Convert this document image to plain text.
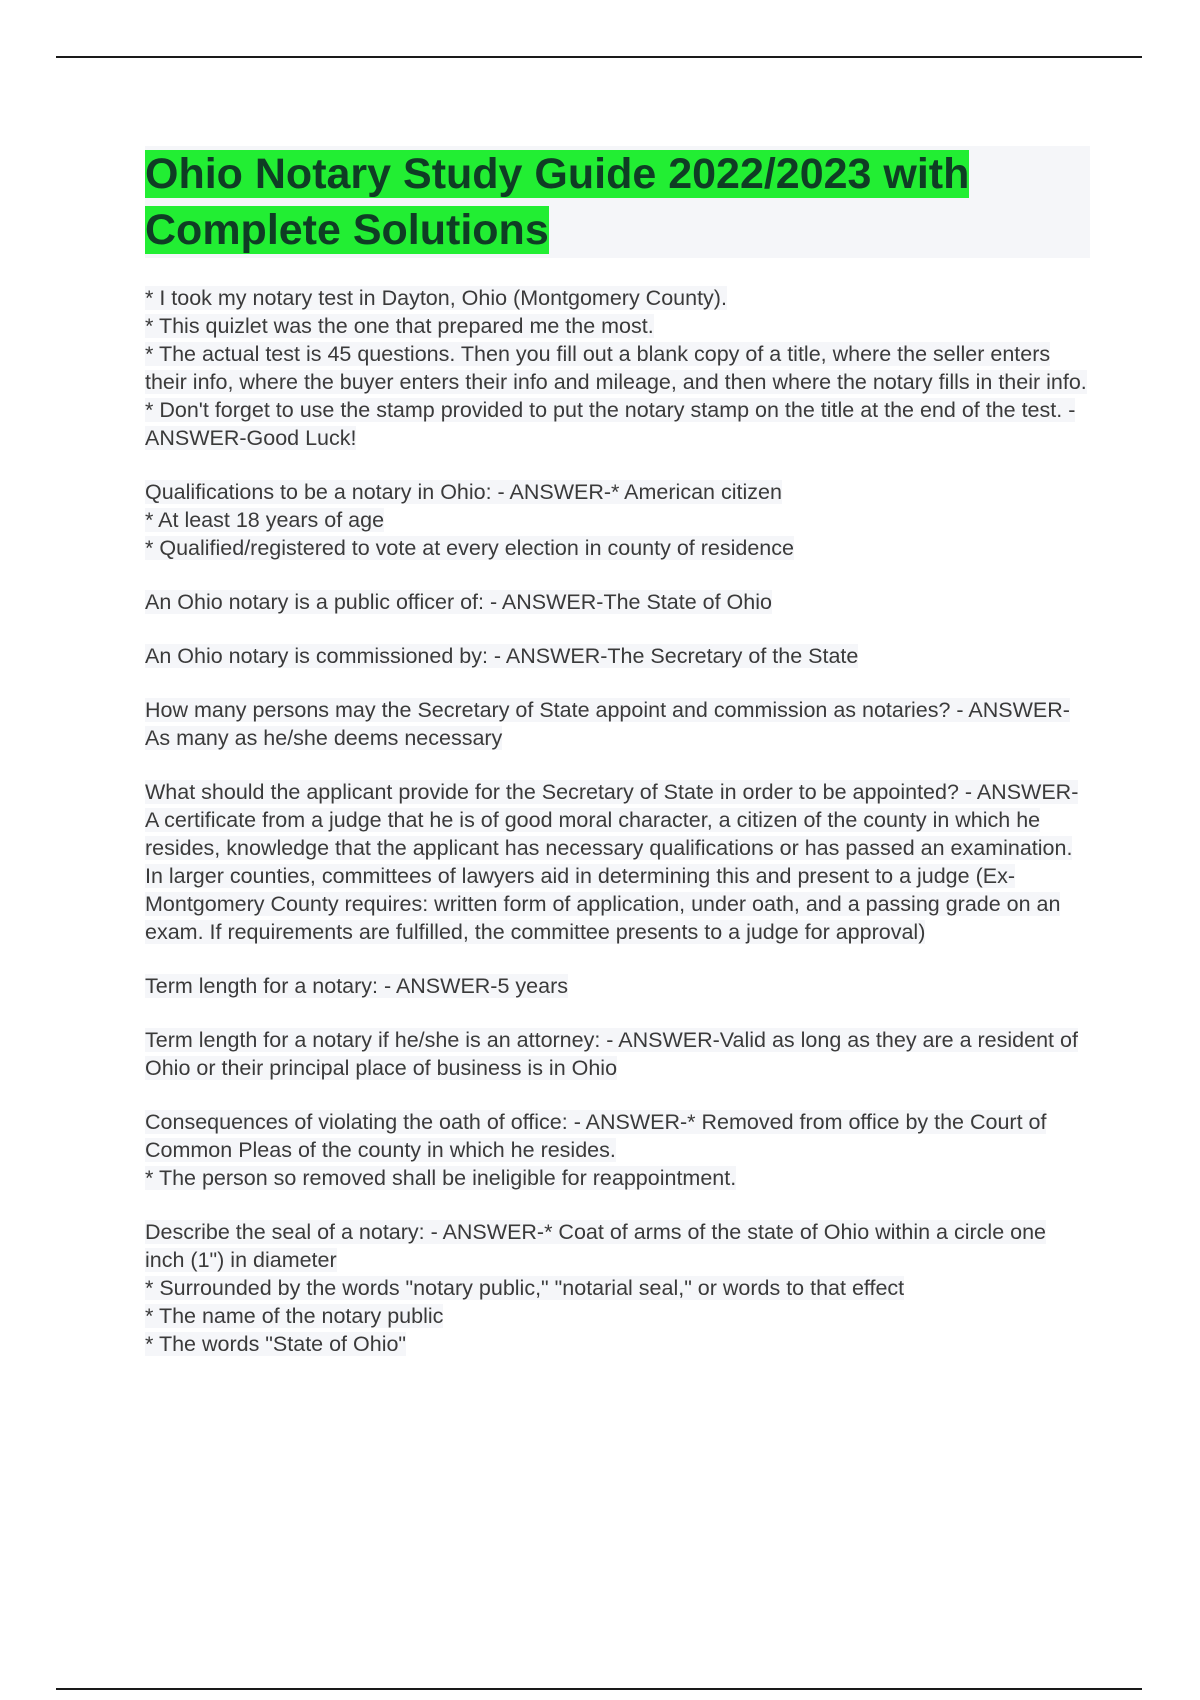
Ohio Notary Study Guide 2022/2023 with Complete Solutions

* I took my notary test in Dayton, Ohio (Montgomery County).

* This quizlet was the one that prepared me the most.

* The actual test is 45 questions. Then you fill out a blank copy of a title, where the seller enters their info, where the buyer enters their info and mileage, and then where the notary fills in their info.

* Don't forget to use the stamp provided to put the notary stamp on the title at the end of the test. - ANSWER-Good Luck!

Qualifications to be a notary in Ohio: - ANSWER-* American citizen

* At least 18 years of age

* Qualified/registered to vote at every election in county of residence

An Ohio notary is a public officer of: - ANSWER-The State of Ohio

An Ohio notary is commissioned by: - ANSWER-The Secretary of the State

How many persons may the Secretary of State appoint and commission as notaries? - ANSWER-As many as he/she deems necessary

What should the applicant provide for the Secretary of State in order to be appointed? - ANSWER-A certificate from a judge that he is of good moral character, a citizen of the county in which he resides, knowledge that the applicant has necessary qualifications or has passed an examination. In larger counties, committees of lawyers aid in determining this and present to a judge (Ex- Montgomery County requires: written form of application, under oath, and a passing grade on an exam. If requirements are fulfilled, the committee presents to a judge for approval)

Term length for a notary: - ANSWER-5 years

Term length for a notary if he/she is an attorney: - ANSWER-Valid as long as they are a resident of Ohio or their principal place of business is in Ohio

Consequences of violating the oath of office: - ANSWER-* Removed from office by the Court of Common Pleas of the county in which he resides.

* The person so removed shall be ineligible for reappointment.

Describe the seal of a notary: - ANSWER-* Coat of arms of the state of Ohio within a circle one inch (1") in diameter

* Surrounded by the words "notary public," "notarial seal," or words to that effect

* The name of the notary public

* The words "State of Ohio"
